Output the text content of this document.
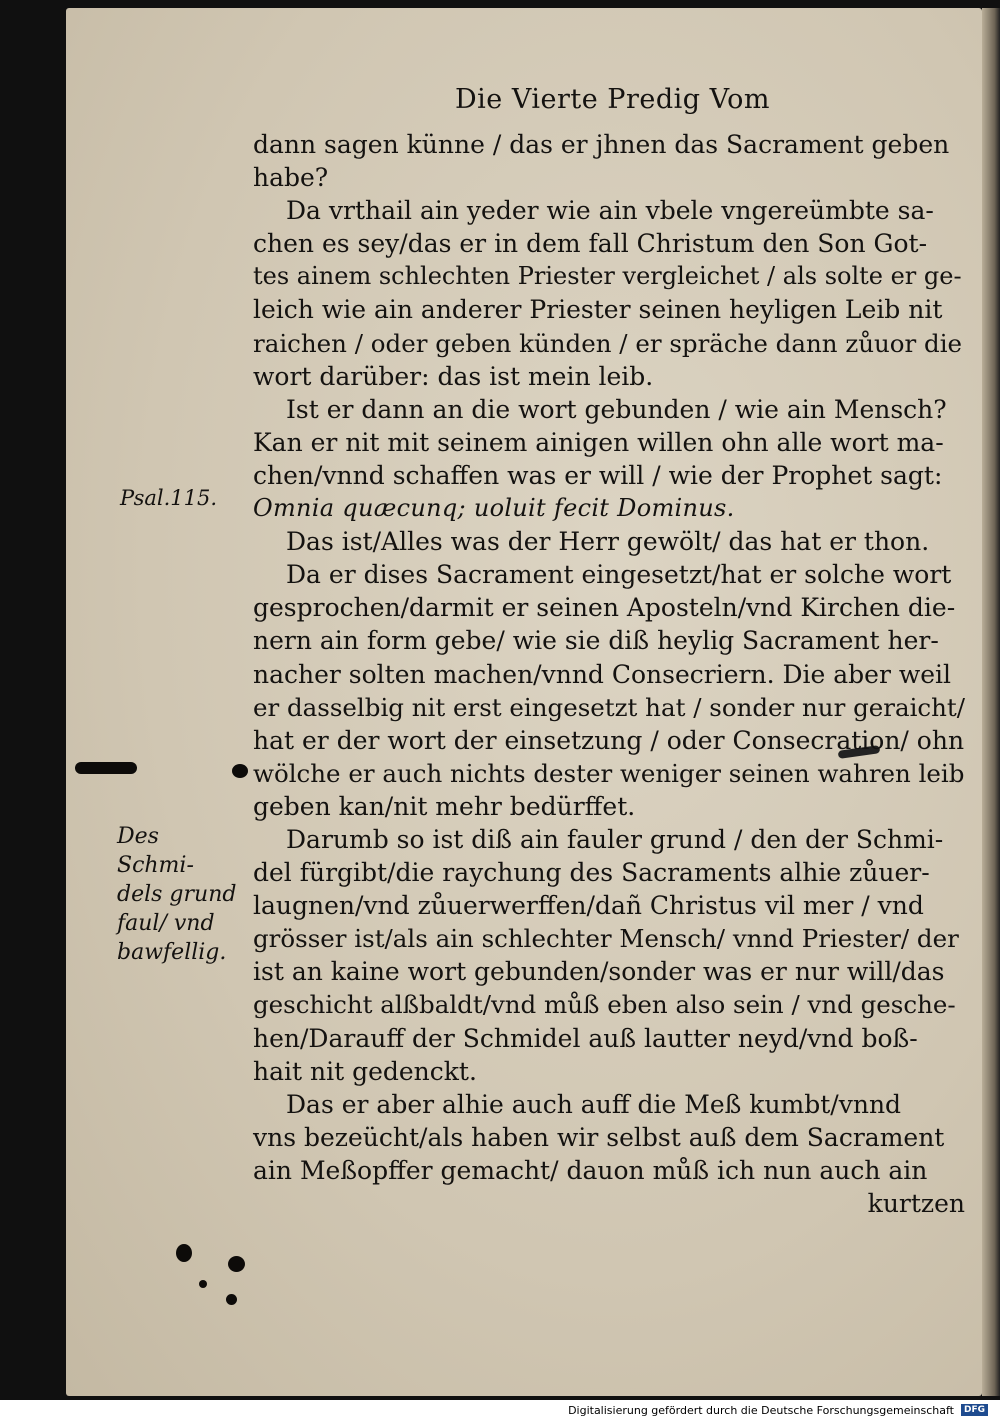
Die Vierte Predig Vom
Psal.115.
Des
Schmi-
dels grund
faul/ vnd
bawfellig.
dann sagen künne / das er jhnen das Sacrament geben
habe?
Da vrthail ain yeder wie ain vbele vngereümbte sa-
chen es sey/das er in dem fall Christum den Son Got-
tes ainem schlechten Priester vergleichet / als solte er ge-
leich wie ain anderer Priester seinen heyligen Leib nit
raichen / oder geben künden / er spräche dann zůuor die
wort darüber: das ist mein leib.
Ist er dann an die wort gebunden / wie ain Mensch?
Kan er nit mit seinem ainigen willen ohn alle wort ma-
chen/vnnd schaffen was er will / wie der Prophet sagt:
Omnia quæcunq; uoluit fecit Dominus.
Das ist/Alles was der Herr gewölt/ das hat er thon.
Da er dises Sacrament eingesetzt/hat er solche wort
gesprochen/darmit er seinen Aposteln/vnd Kirchen die-
nern ain form gebe/ wie sie diß heylig Sacrament her-
nacher solten machen/vnnd Consecriern. Die aber weil
er dasselbig nit erst eingesetzt hat / sonder nur geraicht/
hat er der wort der einsetzung / oder Consecration/ ohn
wölche er auch nichts dester weniger seinen wahren leib
geben kan/nit mehr bedürffet.
Darumb so ist diß ain fauler grund / den der Schmi-
del fürgibt/die raychung des Sacraments alhie zůuer-
laugnen/vnd zůuerwerffen/dañ Christus vil mer / vnd
grösser ist/als ain schlechter Mensch/ vnnd Priester/ der
ist an kaine wort gebunden/sonder was er nur will/das
geschicht alßbaldt/vnd můß eben also sein / vnd gesche-
hen/Darauff der Schmidel auß lautter neyd/vnd boß-
hait nit gedenckt.
Das er aber alhie auch auff die Meß kumbt/vnnd
vns bezeücht/als haben wir selbst auß dem Sacrament
ain Meßopffer gemacht/ dauon můß ich nun auch ain
kurtzen
Digitalisierung gefördert durch die Deutsche Forschungsgemeinschaft	DFG
